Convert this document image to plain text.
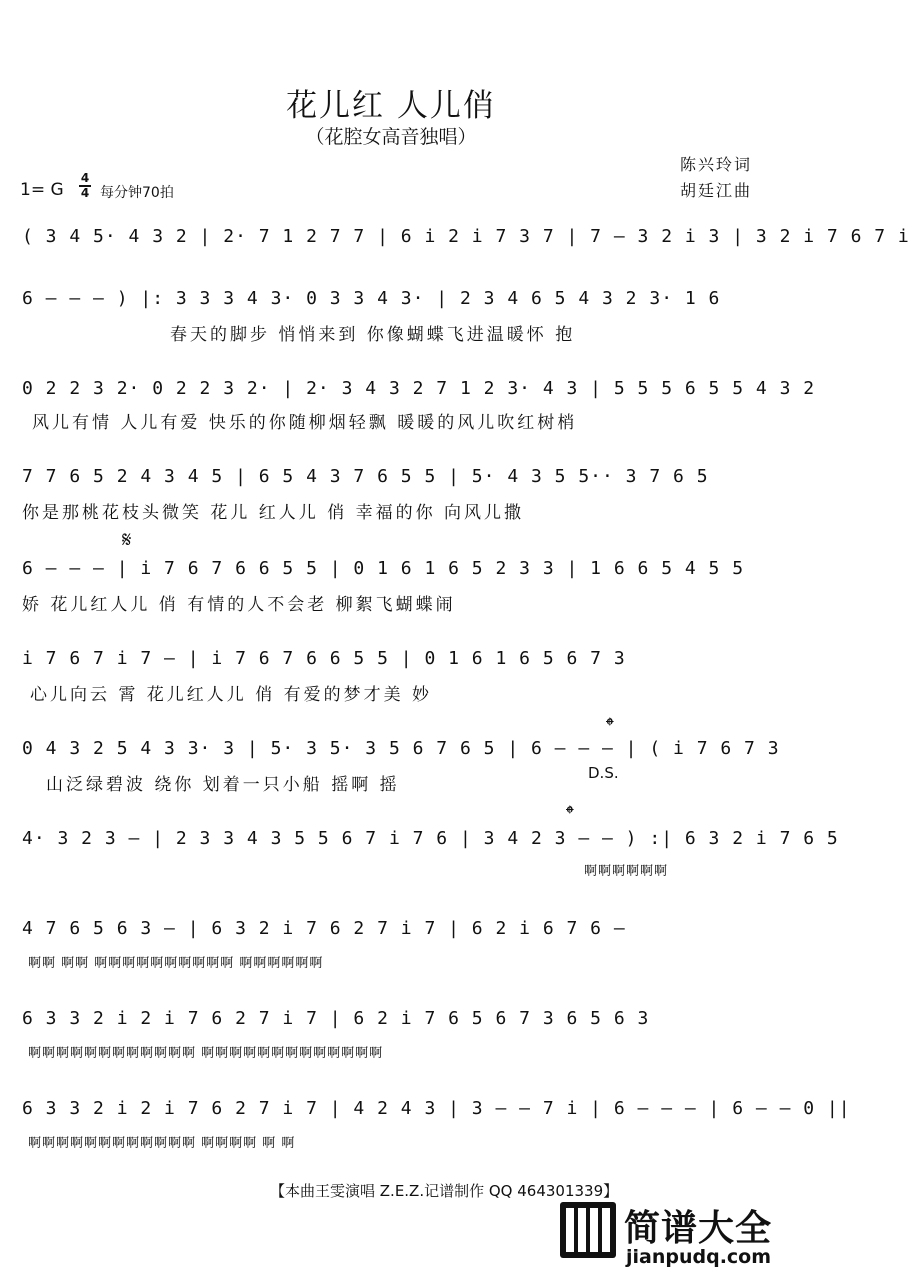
花儿红 人儿俏
（花腔女高音独唱）
1= G
4
4 每分钟70拍
陈兴玲词
胡廷江曲
( 3 4 5· 4 3 2 | 2· 7 1 2 7 7 | 6 i 2 i 7 3 7 | 7 — 3 2 i 3 | 3 2 i 7 6 7 i
6 — — — ) |: 3 3 3 4 3· 0 3 3 4 3· | 2 3 4 6 5 4 3 2 3· 1 6
春天的脚步 悄悄来到 你像蝴蝶飞进温暖怀 抱
0 2 2 3 2· 0 2 2 3 2· | 2· 3 4 3 2 7 1 2 3· 4 3 | 5 5 5 6 5 5 4 3 2
风儿有情 人儿有爱 快乐的你随柳烟轻飘 暖暖的风儿吹红树梢
7 7 6 5 2 4 3 4 5 | 6 5 4 3 7 6 5 5 | 5· 4 3 5 5·· 3 7 6 5
你是那桃花枝头微笑 花儿 红人儿 俏 幸福的你 向风儿撒
𝄋
6 — — — | i 7 6 7 6 6 5 5 | 0 1 6 1 6 5 2 3 3 | 1 6 6 5 4 5 5
娇 花儿红人儿 俏 有情的人不会老 柳絮飞蝴蝶闹
i 7 6 7 i 7 — | i 7 6 7 6 6 5 5 | 0 1 6 1 6 5 6 7 3
心儿向云 霄 花儿红人儿 俏 有爱的梦才美 妙
𝄌
0 4 3 2 5 4 3 3· 3 | 5· 3 5· 3 5 6 7 6 5 | 6 — — — | ( i 7 6 7 3
山泛绿碧波 绕你 划着一只小船 摇啊 摇
D.S.
𝄌
4· 3 2 3 — | 2 3 3 4 3 5 5 6 7 i 7 6 | 3 4 2 3 — — ) :| 6 3 2 i 7 6 5
啊啊啊啊啊啊
4 7 6 5 6 3 — | 6 3 2 i 7 6 2 7 i 7 | 6 2 i 6 7 6 —
啊啊 啊啊 啊啊啊啊啊啊啊啊啊啊 啊啊啊啊啊啊
6 3 3 2 i 2 i 7 6 2 7 i 7 | 6 2 i 7 6 5 6 7 3 6 5 6 3
啊啊啊啊啊啊啊啊啊啊啊啊 啊啊啊啊啊啊啊啊啊啊啊啊啊
6 3 3 2 i 2 i 7 6 2 7 i 7 | 4 2 4 3 | 3 — — 7 i | 6 — — — | 6 — — 0 ||
啊啊啊啊啊啊啊啊啊啊啊啊 啊啊啊啊 啊 啊
【本曲王雯演唱 Z.E.Z.记谱制作 QQ 464301339】
简谱大全
jianpudq.com
